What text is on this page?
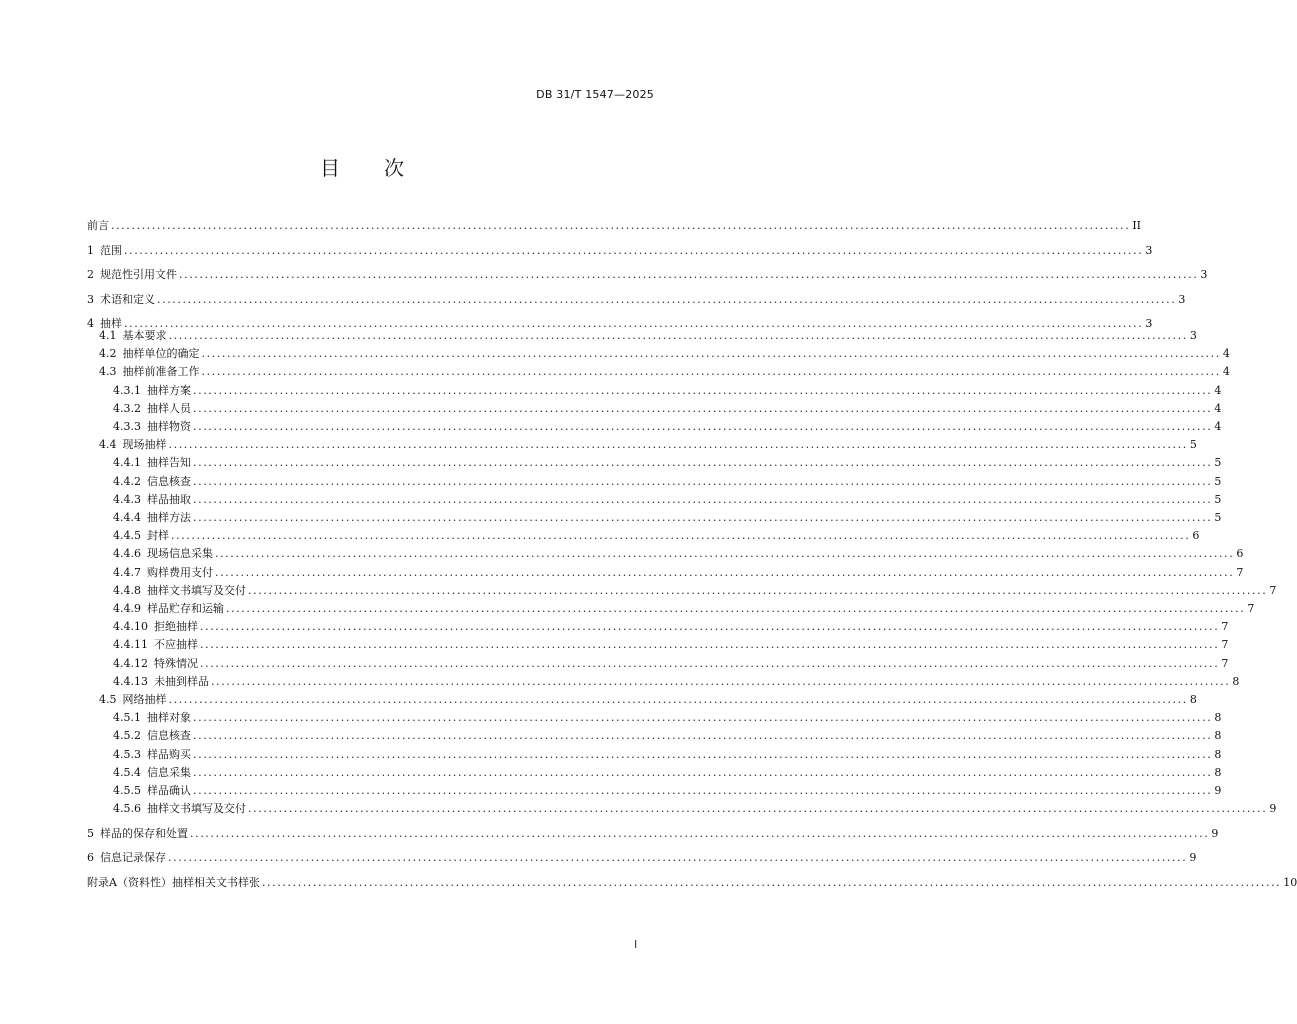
DB 31/T 1547—2025
目 次
前言 ........................................................................................................................................................................................................ II
1 范围 ........................................................................................................................................................................................................ 3
2 规范性引用文件 ........................................................................................................................................................................................................ 3
3 术语和定义 ........................................................................................................................................................................................................ 3
4 抽样 ........................................................................................................................................................................................................ 3
4.1 基本要求 ........................................................................................................................................................................................................ 3
4.2 抽样单位的确定 ........................................................................................................................................................................................................ 4
4.3 抽样前准备工作 ........................................................................................................................................................................................................ 4
4.3.1 抽样方案 ........................................................................................................................................................................................................ 4
4.3.2 抽样人员 ........................................................................................................................................................................................................ 4
4.3.3 抽样物资 ........................................................................................................................................................................................................ 4
4.4 现场抽样 ........................................................................................................................................................................................................ 5
4.4.1 抽样告知 ........................................................................................................................................................................................................ 5
4.4.2 信息核查 ........................................................................................................................................................................................................ 5
4.4.3 样品抽取 ........................................................................................................................................................................................................ 5
4.4.4 抽样方法 ........................................................................................................................................................................................................ 5
4.4.5 封样 ........................................................................................................................................................................................................ 6
4.4.6 现场信息采集 ........................................................................................................................................................................................................ 6
4.4.7 购样费用支付 ........................................................................................................................................................................................................ 7
4.4.8 抽样文书填写及交付 ........................................................................................................................................................................................................ 7
4.4.9 样品贮存和运输 ........................................................................................................................................................................................................ 7
4.4.10 拒绝抽样 ........................................................................................................................................................................................................ 7
4.4.11 不应抽样 ........................................................................................................................................................................................................ 7
4.4.12 特殊情况 ........................................................................................................................................................................................................ 7
4.4.13 未抽到样品 ........................................................................................................................................................................................................ 8
4.5 网络抽样 ........................................................................................................................................................................................................ 8
4.5.1 抽样对象 ........................................................................................................................................................................................................ 8
4.5.2 信息核查 ........................................................................................................................................................................................................ 8
4.5.3 样品购买 ........................................................................................................................................................................................................ 8
4.5.4 信息采集 ........................................................................................................................................................................................................ 8
4.5.5 样品确认 ........................................................................................................................................................................................................ 9
4.5.6 抽样文书填写及交付 ........................................................................................................................................................................................................ 9
5 样品的保存和处置 ........................................................................................................................................................................................................ 9
6 信息记录保存 ........................................................................................................................................................................................................ 9
附录A（资料性）抽样相关文书样张 ........................................................................................................................................................................................................ 10
I
